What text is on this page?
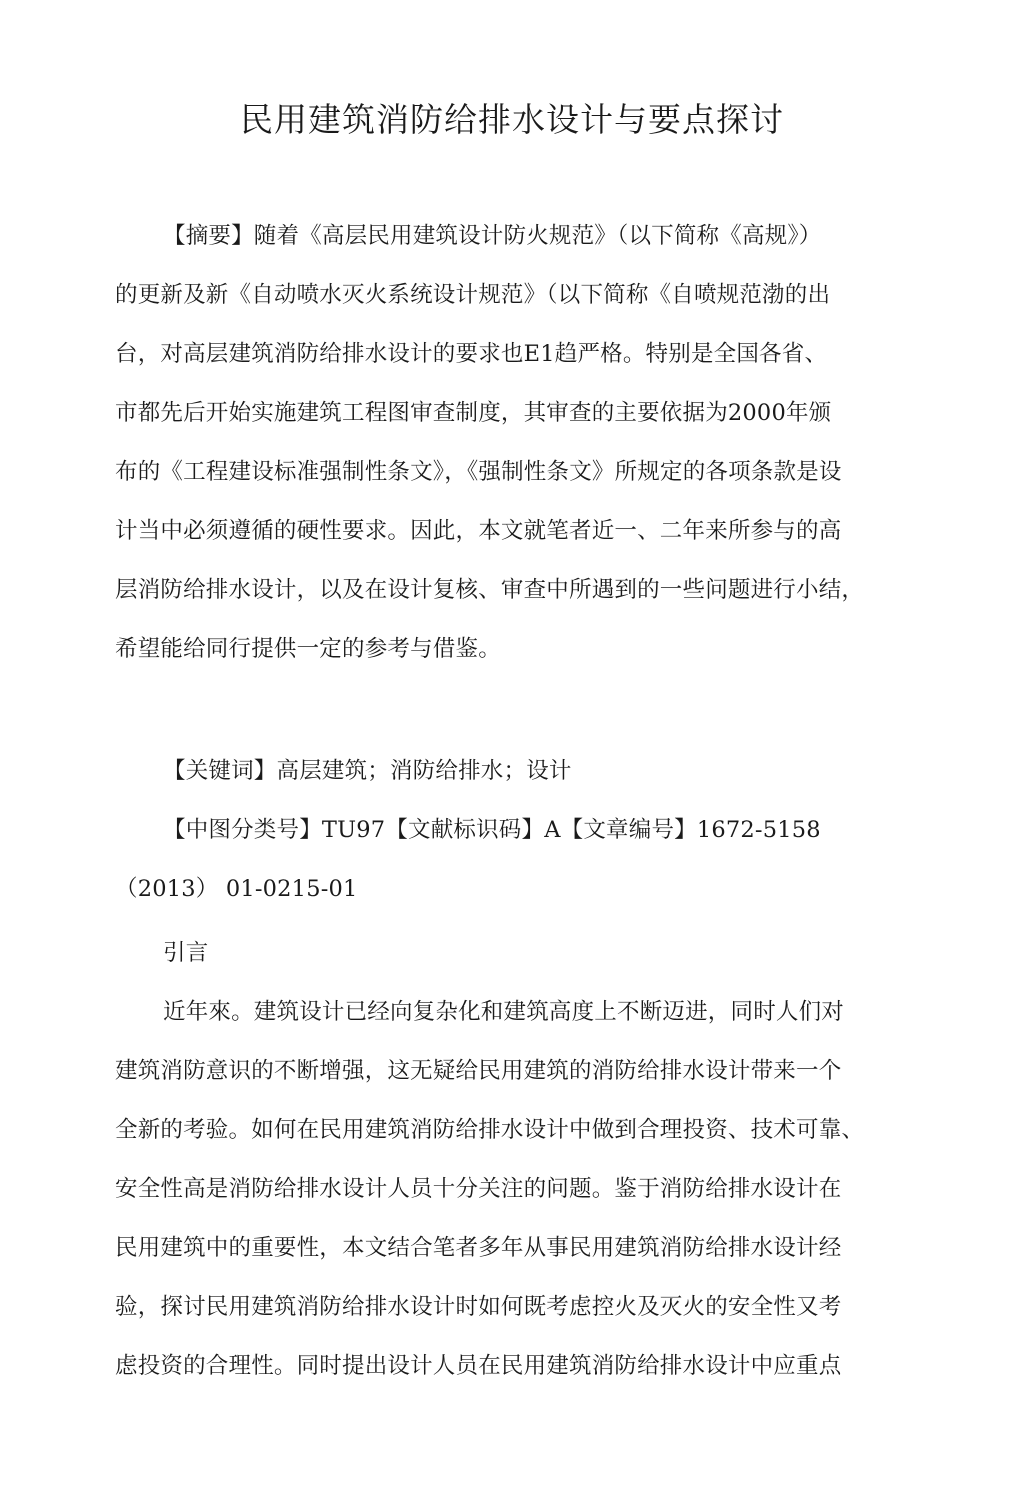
民用建筑消防给排水设计与要点探讨
【摘要】随着《高层民用建筑设计防火规范》（以下简称《高规》）
的更新及新《自动喷水灭火系统设计规范》（以下简称《自喷规范渤的出
台，对高层建筑消防给排水设计的要求也E1趋严格。特别是全国各省、
市都先后开始实施建筑工程图审查制度，其审查的主要依据为2000年颁
布的《工程建设标准强制性条文》，《强制性条文》所规定的各项条款是设
计当中必须遵循的硬性要求。因此，本文就笔者近一、二年来所参与的高
层消防给排水设计，以及在设计复核、审查中所遇到的一些问题进行小结，
希望能给同行提供一定的参考与借鉴。
【关键词】高层建筑；消防给排水；设计
【中图分类号】TU97【文献标识码】A【文章编号】1672-5158
（2013） 01-0215-01
引言
近年來。建筑设计已经向复杂化和建筑高度上不断迈进，同时人们对
建筑消防意识的不断增强，这无疑给民用建筑的消防给排水设计带来一个
全新的考验。如何在民用建筑消防给排水设计中做到合理投资、技术可靠、
安全性高是消防给排水设计人员十分关注的问题。鉴于消防给排水设计在
民用建筑中的重要性，本文结合笔者多年从事民用建筑消防给排水设计经
验，探讨民用建筑消防给排水设计时如何既考虑控火及灭火的安全性又考
虑投资的合理性。同时提出设计人员在民用建筑消防给排水设计中应重点
